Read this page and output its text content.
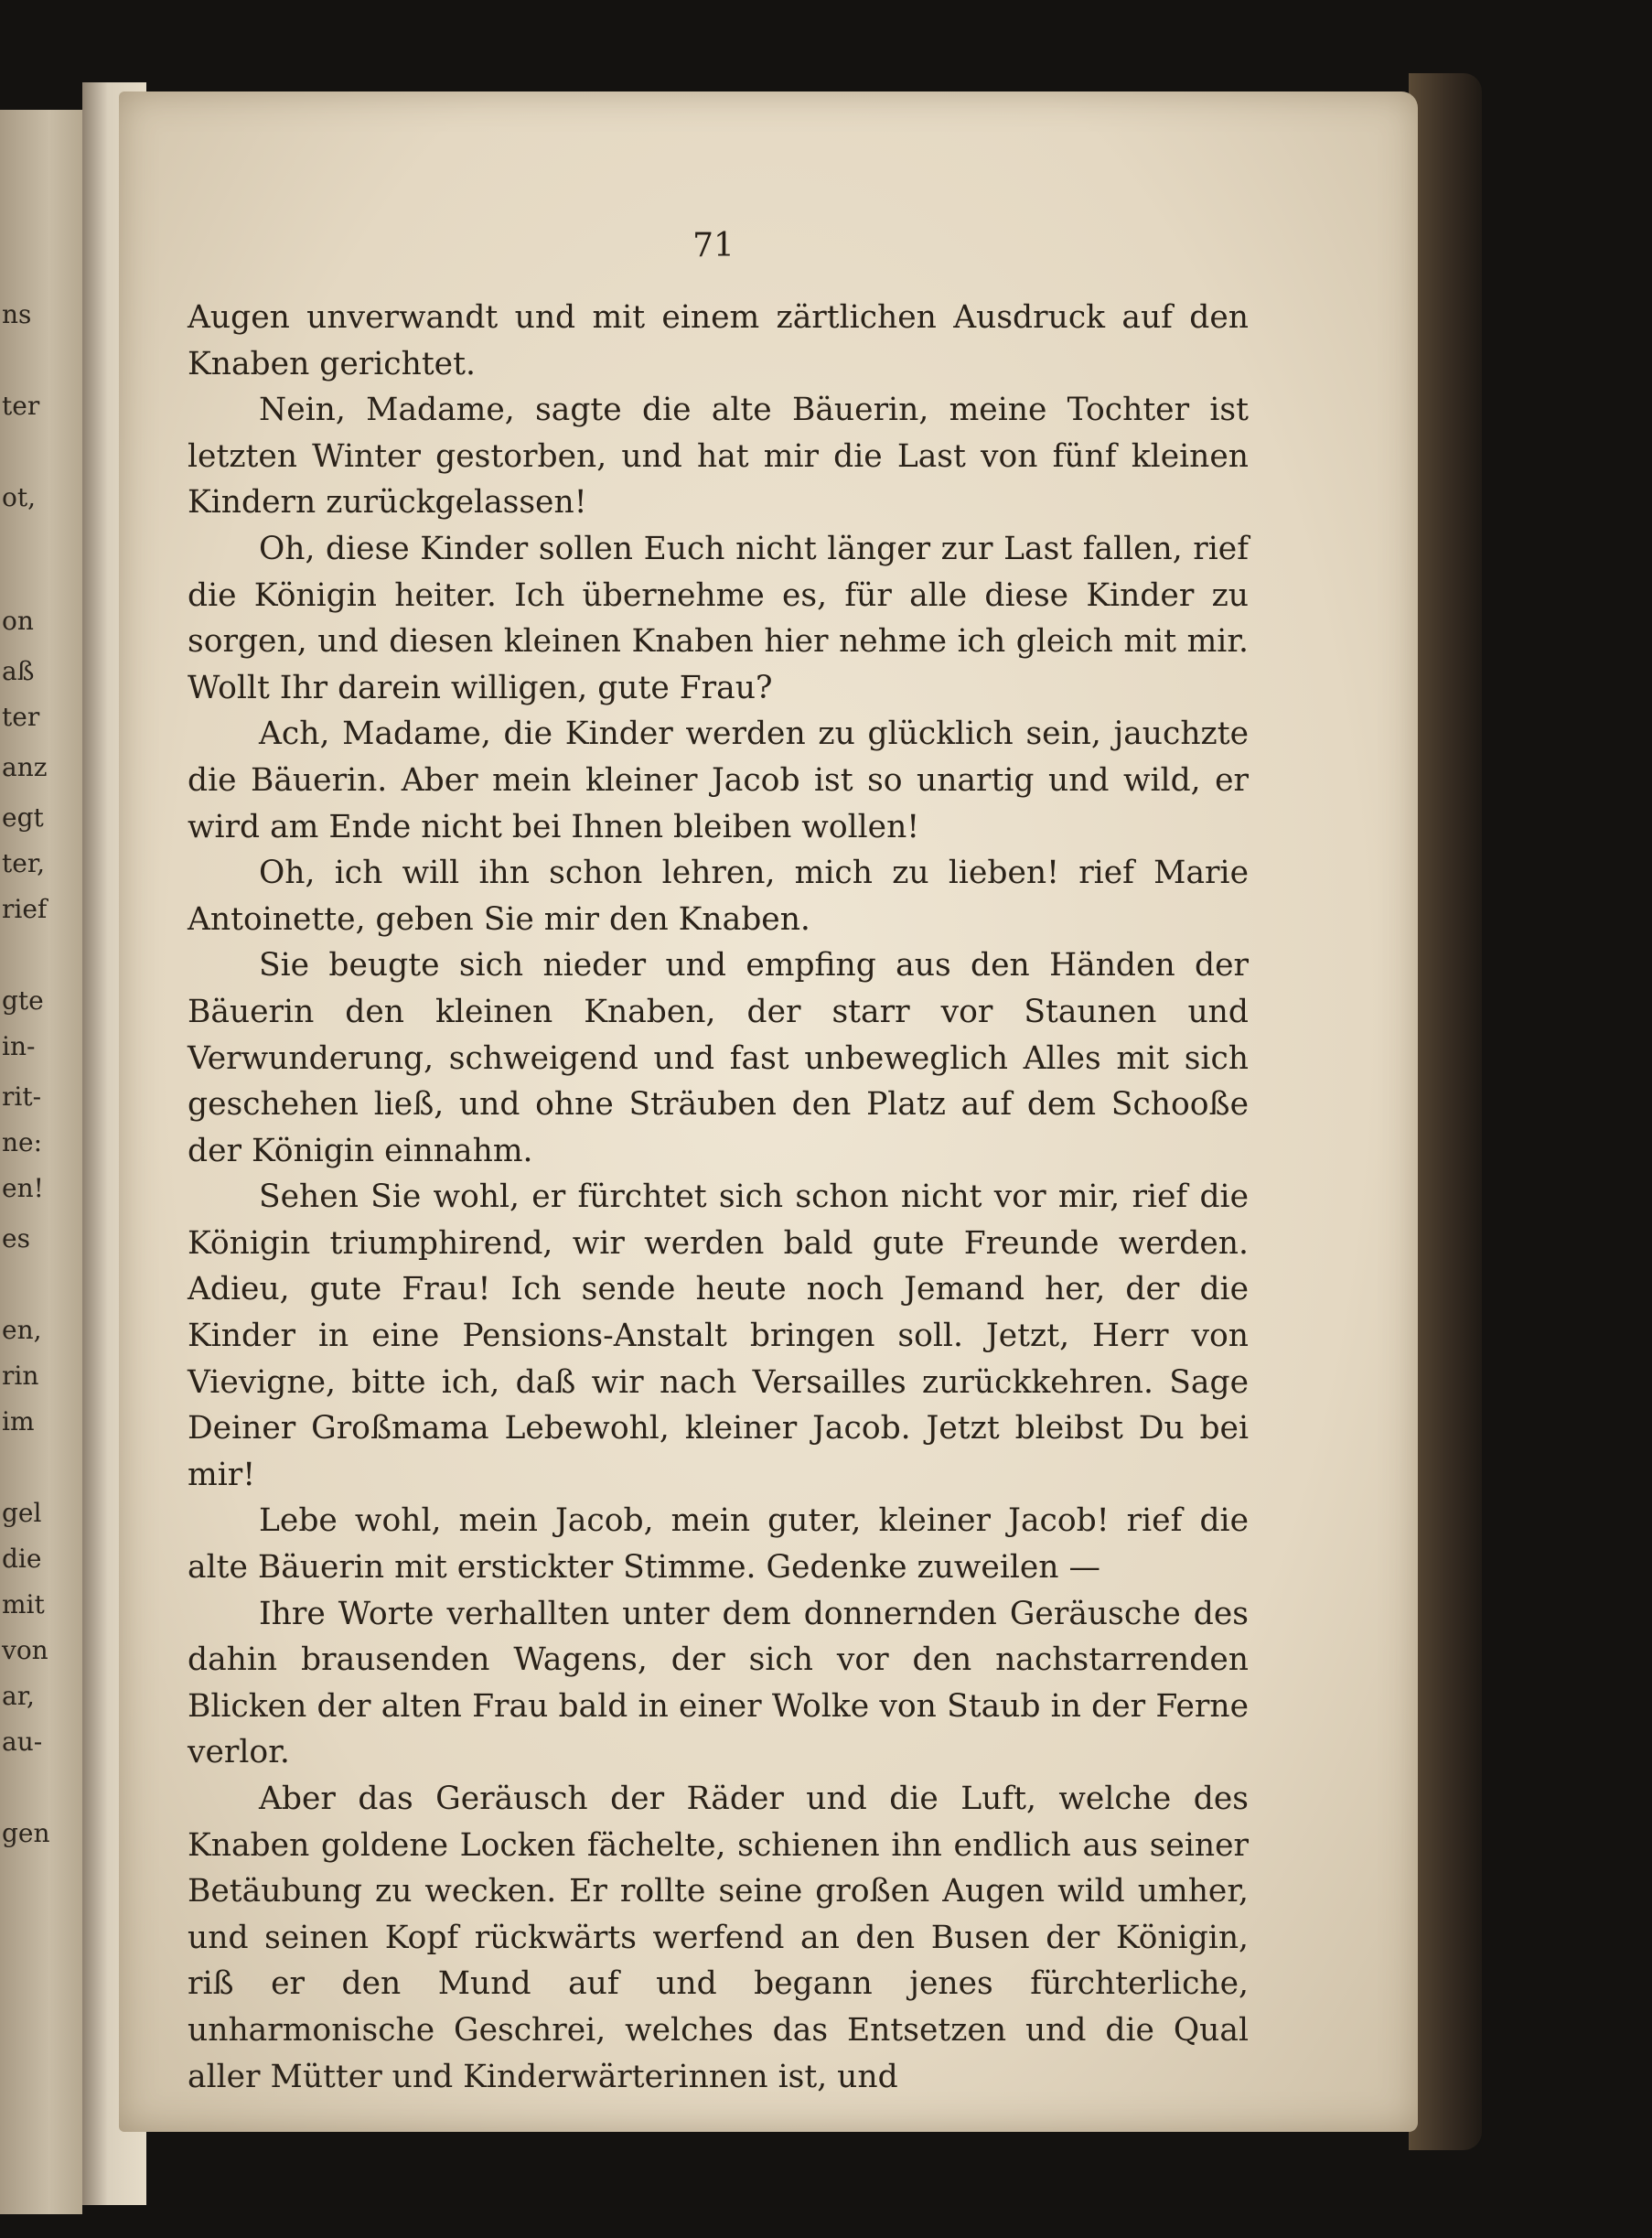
ns
ter
ot,
on
aß
ter
anz
egt
ter,
rief
gte
in-
rit-
ne:
en!
es
en,
rin
im
gel
die
mit
von
ar,
au-
gen
71

Augen unverwandt und mit einem zärtlichen Ausdruck auf den Knaben gerichtet.

Nein, Madame, sagte die alte Bäuerin, meine Tochter ist letzten Winter gestorben, und hat mir die Last von fünf kleinen Kindern zurückgelassen!

Oh, diese Kinder sollen Euch nicht länger zur Last fallen, rief die Königin heiter. Ich übernehme es, für alle diese Kinder zu sorgen, und diesen kleinen Knaben hier nehme ich gleich mit mir. Wollt Ihr darein willigen, gute Frau?

Ach, Madame, die Kinder werden zu glücklich sein, jauchzte die Bäuerin. Aber mein kleiner Jacob ist so unartig und wild, er wird am Ende nicht bei Ihnen bleiben wollen!

Oh, ich will ihn schon lehren, mich zu lieben! rief Marie Antoinette, geben Sie mir den Knaben.

Sie beugte sich nieder und empfing aus den Händen der Bäuerin den kleinen Knaben, der starr vor Staunen und Verwunderung, schweigend und fast unbeweglich Alles mit sich geschehen ließ, und ohne Sträuben den Platz auf dem Schooße der Königin einnahm.

Sehen Sie wohl, er fürchtet sich schon nicht vor mir, rief die Königin triumphirend, wir werden bald gute Freunde werden. Adieu, gute Frau! Ich sende heute noch Jemand her, der die Kinder in eine Pensions-Anstalt bringen soll. Jetzt, Herr von Vievigne, bitte ich, daß wir nach Versailles zurückkehren. Sage Deiner Großmama Lebewohl, kleiner Jacob. Jetzt bleibst Du bei mir!

Lebe wohl, mein Jacob, mein guter, kleiner Jacob! rief die alte Bäuerin mit erstickter Stimme. Gedenke zuweilen —

Ihre Worte verhallten unter dem donnernden Geräusche des dahin brausenden Wagens, der sich vor den nachstarrenden Blicken der alten Frau bald in einer Wolke von Staub in der Ferne verlor.

Aber das Geräusch der Räder und die Luft, welche des Knaben goldene Locken fächelte, schienen ihn endlich aus seiner Betäubung zu wecken. Er rollte seine großen Augen wild umher, und seinen Kopf rückwärts werfend an den Busen der Königin, riß er den Mund auf und begann jenes fürchterliche, unharmonische Geschrei, welches das Entsetzen und die Qual aller Mütter und Kinderwärterinnen ist, und
